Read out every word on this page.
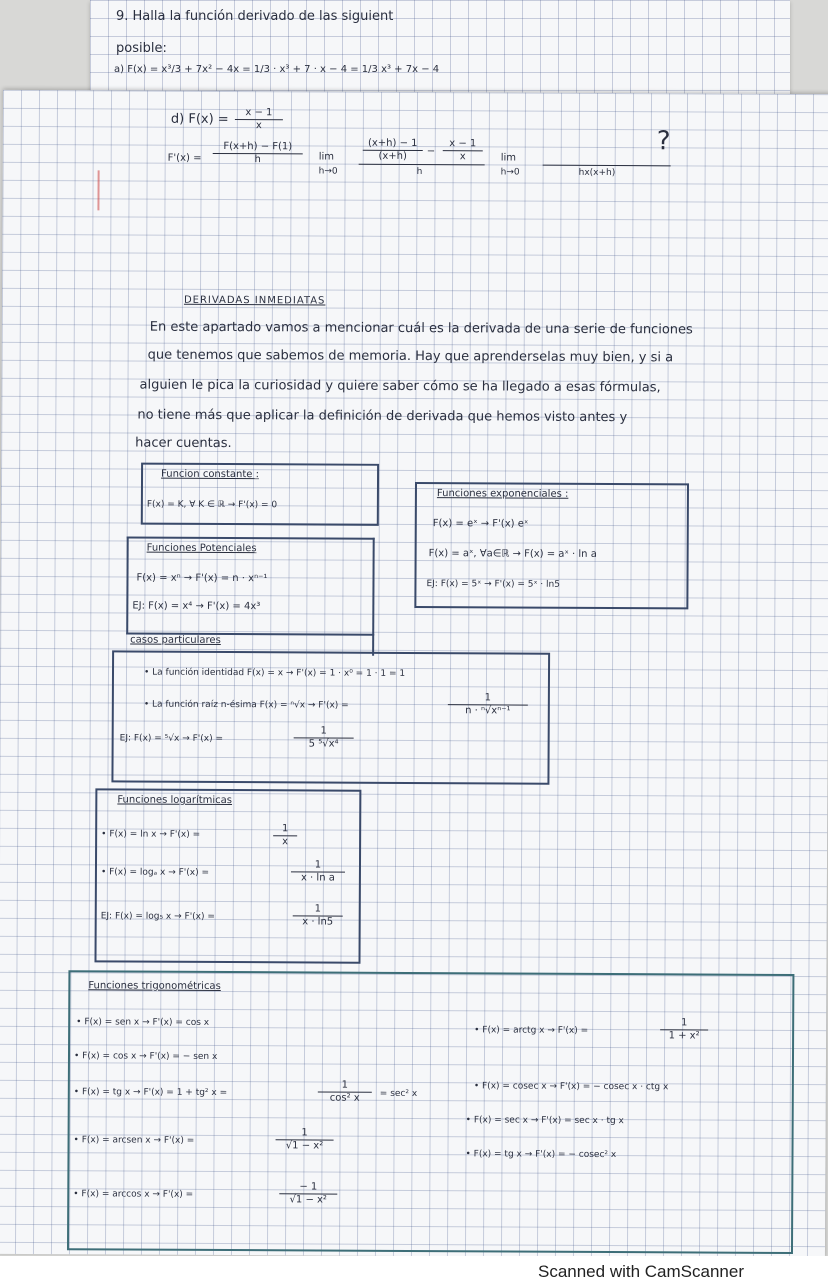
9. Halla la función derivado de las siguient
posible:
a) F(x) = x³/3 + 7x² − 4x = 1/3 · x³ + 7 · x − 4 = 1/3 x³ + 7x − 4
d) $F(x) = \frac{x - 1}{x}$
$F'(x) = \frac{F(x+h) - F(1)}{h}$ lim
h→0
$\frac{(x+h) - 1}{(x+h)} - \frac{x - 1}{x}$
h
lim
h→0	hx(x+h)
?
DERIVADAS INMEDIATAS
En este apartado vamos a mencionar cuál es la derivada de una serie de funciones
que tenemos que sabemos de memoria. Hay que aprenderselas muy bien, y si a
alguien le pica la curiosidad y quiere saber cómo se ha llegado a esas fórmulas,
no tiene más que aplicar la definición de derivada que hemos visto antes y
hacer cuentas.
Funcion constante :
F(x) = K, ∀ K ∈ ℝ → F'(x) = 0
Funciones Potenciales
F(x) = xⁿ → F'(x) = n · xⁿ⁻¹
EJ: F(x) = x⁴ → F'(x) = 4x³
Funciones exponenciales :
F(x) = eˣ → F'(x) eˣ
F(x) = aˣ, ∀a∈ℝ → F(x) = aˣ · ln a
EJ: F(x) = 5ˣ → F'(x) = 5ˣ · ln5
casos particulares
• La función identidad F(x) = x → F'(x) = 1 · x⁰ = 1 · 1 = 1
• La función raíz n-ésima F(x) = ⁿ√x → F'(x) =	$\frac{1}{\text{n · ⁿ√xⁿ⁻¹}}$
EJ: F(x) = ⁵√x → F'(x) =	$\frac{1}{\text{5 ⁵√x⁴}}$
Funciones logarítmicas
• F(x) = ln x → F'(x) =	$\frac{1}{x}$
• F(x) = logₐ x → F'(x) =	$\frac{1}{\text{x · ln a}}$
EJ: F(x) = log₅ x → F'(x) =	$\frac{1}{x \cdot \ln 5}$
Funciones trigonométricas
• F(x) = sen x → F'(x) = cos x
• F(x) = cos x → F'(x) = − sen x
• F(x) = tg x → F'(x) = 1 + tg² x =	$\frac{1}{\text{cos² x}} = \sec^2$ x
• F(x) = arcsen x → F'(x) =	$\frac{1}{\text{√1 − x²}}$
• F(x) = arccos x → F'(x) =	$\frac{- 1}{\text{√1 − x²}}$
• F(x) = arctg x → F'(x) =	$\frac{1}{\text{1 + x²}}$
• F(x) = cosec x → F'(x) = − cosec x · ctg x
• F(x) = sec x → F'(x) = sec x · tg x
• F(x) = tg x → F'(x) = − cosec² x
Scanned with CamScanner
